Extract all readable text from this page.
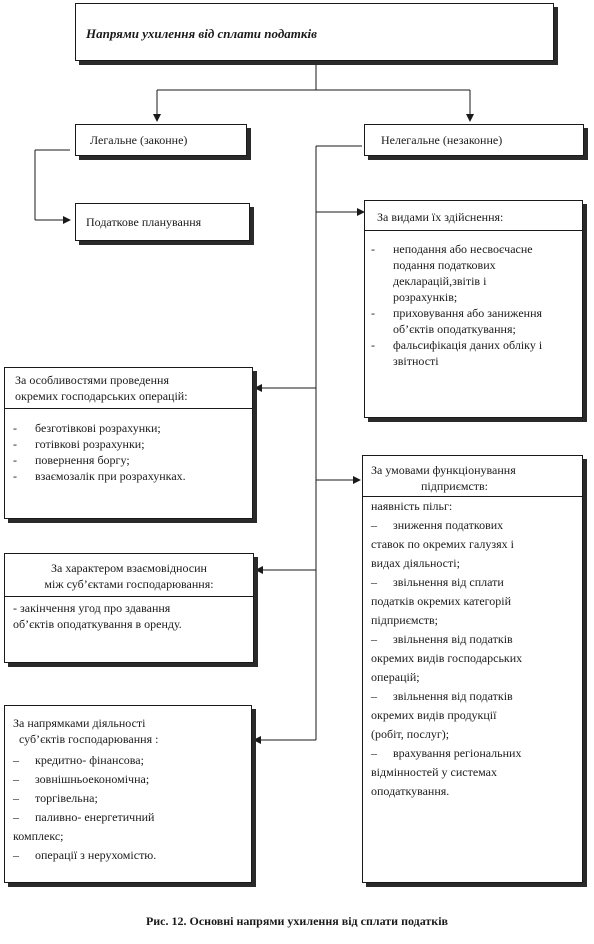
Напрями ухилення від сплати податків
Легальне (законне)
Податкове планування
Нелегальне (незаконне)
За видами їх здійснення:
- неподання або несвоєчасне
подання податкових
декларацій,звітів і
розрахунків;
- приховування або заниження
об’єктів оподаткування;
- фальсифікація даних обліку і
звітності
За особливостями проведення
окремих господарських операцій:
- безготівкові розрахунки;
- готівкові розрахунки;
- повернення боргу;
- взаємозалік при розрахунках.
За характером взаємовідносин
між суб’єктами господарювання:
- закінчення угод про здавання
об’єктів оподаткування в оренду.
За напрямками діяльності
суб’єктів господарювання :
– кредитно- фінансова;
– зовнішньоекономічна;
– торгівельна;
– паливно- енергетичний
комплекс;
– операції з нерухомістю.
За умовами функціонування
підприємств:
наявність пільг:
– зниження податкових
ставок по окремих галузях і
видах діяльності;
– звільнення від сплати
податків окремих категорій
підприємств;
– звільнення від податків
окремих видів господарських
операцій;
– звільнення від податків
окремих видів продукції
(робіт, послуг);
– врахування регіональних
відмінностей у системах
оподаткування.
Рис. 12. Основні напрями ухилення від сплати податків
